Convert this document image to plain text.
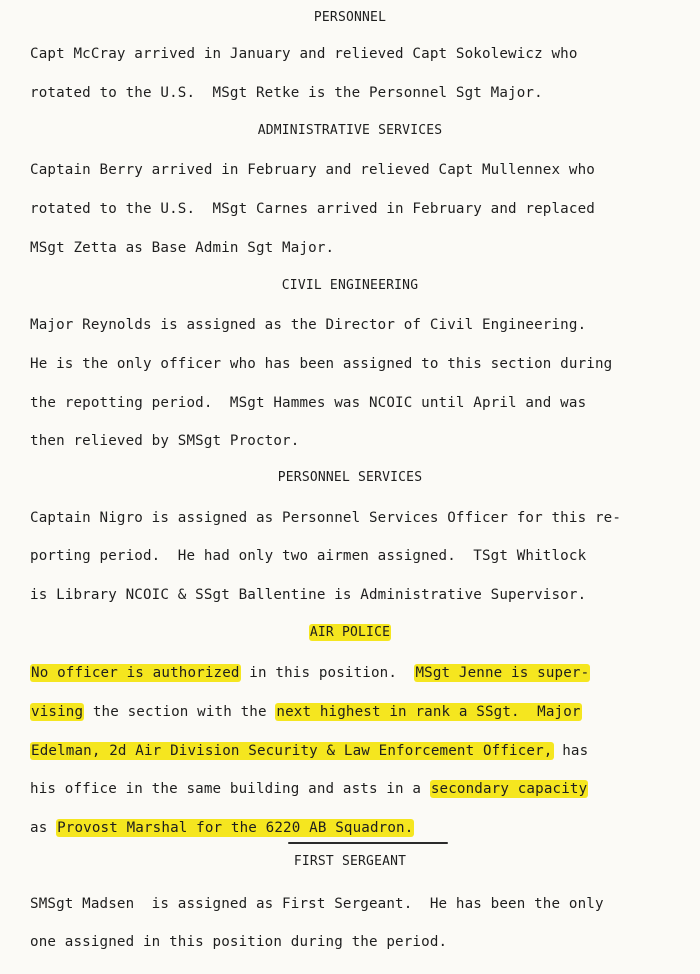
PERSONNEL
Capt McCray arrived in January and relieved Capt Sokolewicz who
rotated to the U.S.  MSgt Retke is the Personnel Sgt Major.
ADMINISTRATIVE SERVICES
Captain Berry arrived in February and relieved Capt Mullennex who
rotated to the U.S.  MSgt Carnes arrived in February and replaced
MSgt Zetta as Base Admin Sgt Major.
CIVIL ENGINEERING
Major Reynolds is assigned as the Director of Civil Engineering.
He is the only officer who has been assigned to this section during
the repotting period.  MSgt Hammes was NCOIC until April and was
then relieved by SMSgt Proctor.
PERSONNEL SERVICES
Captain Nigro is assigned as Personnel Services Officer for this re-
porting period.  He had only two airmen assigned.  TSgt Whitlock
is Library NCOIC & SSgt Ballentine is Administrative Supervisor.
AIR POLICE
No officer is authorized in this position.  MSgt Jenne is super-
vising the section with the next highest in rank a SSgt.  Major
Edelman, 2d Air Division Security & Law Enforcement Officer, has
his office in the same building and asts in a secondary capacity
as Provost Marshal for the 6220 AB Squadron.
FIRST SERGEANT
SMSgt Madsen  is assigned as First Sergeant.  He has been the only
one assigned in this position during the period.
